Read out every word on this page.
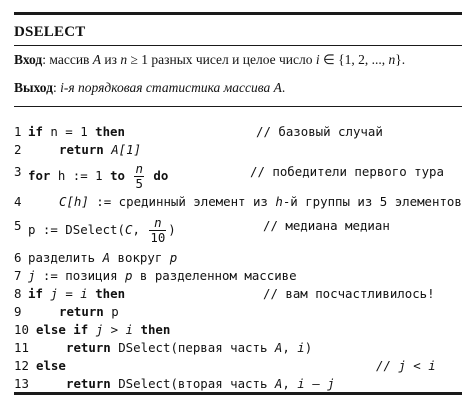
DSELECT
Вход: массив A из n ≥ 1 разных чисел и целое число i ∈ {1, 2, ..., n}.
Выход: i-я порядковая статистика массива A.
1 if n = 1 then	// базовый случай
2	return A[1]
3 for h := 1 to $\frac{n}{5}$ do	// победители первого тура
4	C[h] := срединный элемент из h-й группы из 5 элементов
5 p := DSelect(C, $\frac{n}{10}$ )	// медиана медиан
6 разделить A вокруг p
7 j := позиция p в разделенном массиве
8 if j = i then	// вам посчастливилось!
9	return p
10 else if j > i then
11	return DSelect(первая часть A, i)
12 else	// j < i
13	return DSelect(вторая часть A, i – j
